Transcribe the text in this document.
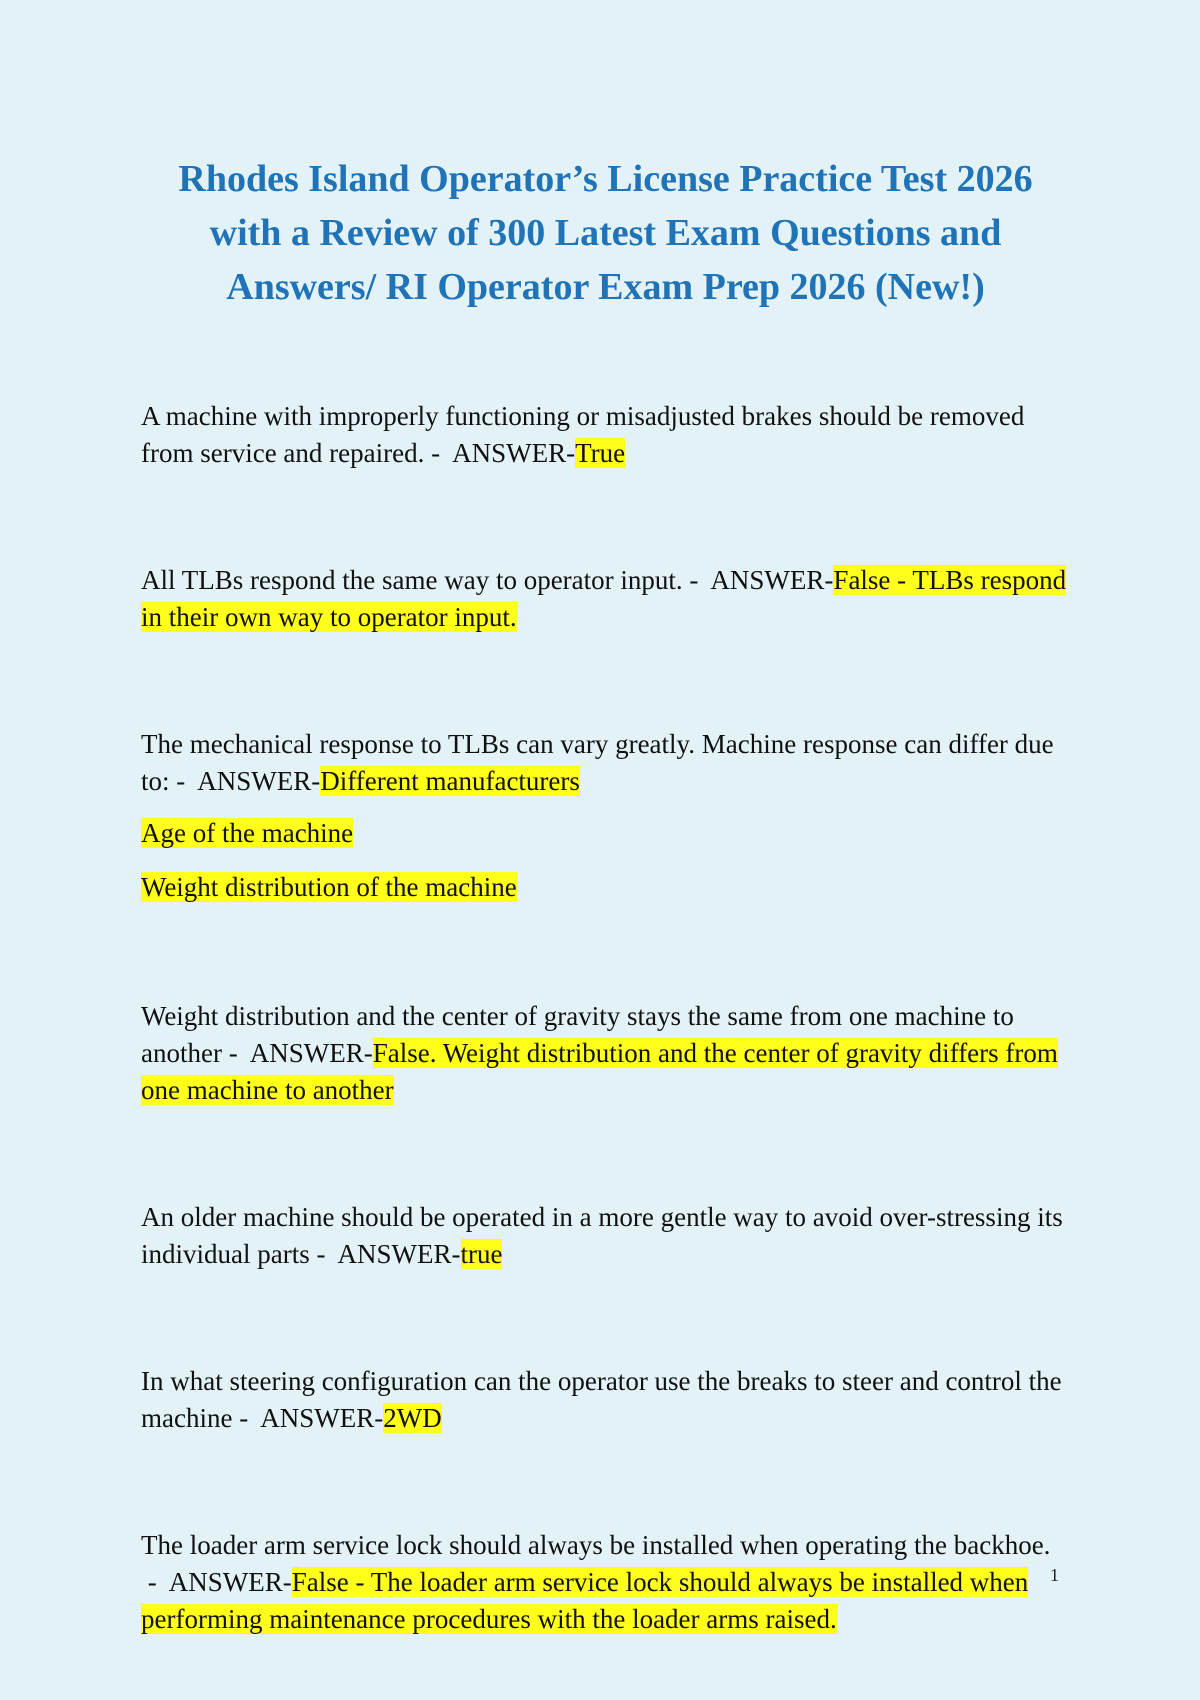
Rhodes Island Operator’s License Practice Test 2026
with a Review of 300 Latest Exam Questions and
Answers/ RI Operator Exam Prep 2026 (New!)

A machine with improperly functioning or misadjusted brakes should be removed from service and repaired. -  ANSWER-True

All TLBs respond the same way to operator input. -  ANSWER-False - TLBs respond in their own way to operator input.

The mechanical response to TLBs can vary greatly. Machine response can differ due to: -  ANSWER-Different manufacturers

Age of the machine

Weight distribution of the machine

Weight distribution and the center of gravity stays the same from one machine to another -  ANSWER-False. Weight distribution and the center of gravity differs from one machine to another

An older machine should be operated in a more gentle way to avoid over-stressing its individual parts -  ANSWER-true

In what steering configuration can the operator use the breaks to steer and control the machine -  ANSWER-2WD

The loader arm service lock should always be installed when operating the backhoe. -  ANSWER-False - The loader arm service lock should always be installed when performing maintenance procedures with the loader arms raised.

1
